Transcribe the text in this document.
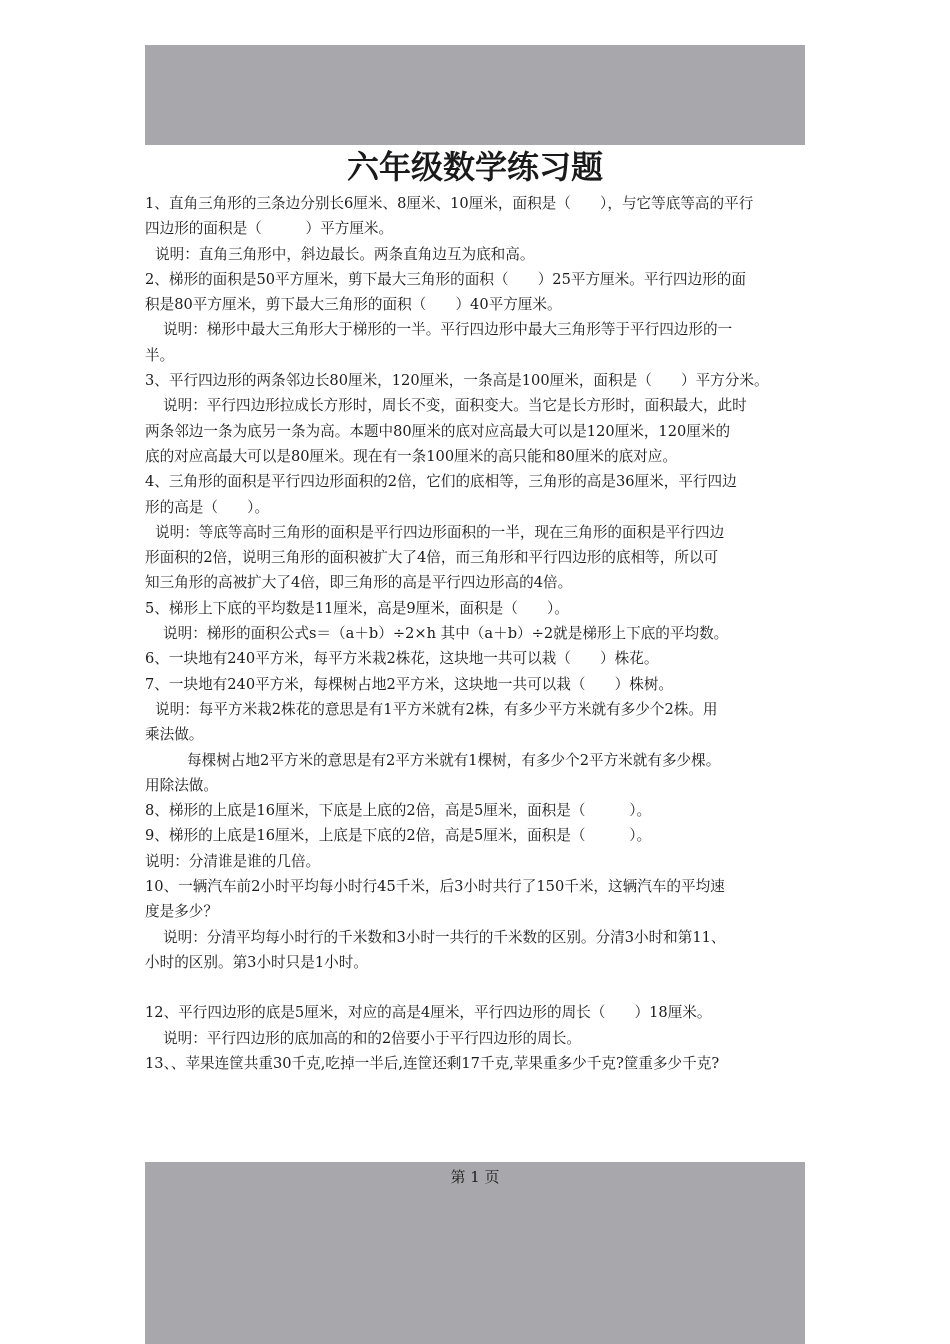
六年级数学练习题

1、直角三角形的三条边分别长6厘米、8厘米、10厘米，面积是（　　），与它等底等高的平行

四边形的面积是（　　　）平方厘米。

说明：直角三角形中，斜边最长。两条直角边互为底和高。

2、梯形的面积是50平方厘米，剪下最大三角形的面积（　　）25平方厘米。平行四边形的面

积是80平方厘米，剪下最大三角形的面积（　　）40平方厘米。

说明：梯形中最大三角形大于梯形的一半。平行四边形中最大三角形等于平行四边形的一

半。

3、平行四边形的两条邻边长80厘米，120厘米，一条高是100厘米，面积是（　　）平方分米。

说明：平行四边形拉成长方形时，周长不变，面积变大。当它是长方形时，面积最大，此时

两条邻边一条为底另一条为高。本题中80厘米的底对应高最大可以是120厘米，120厘米的

底的对应高最大可以是80厘米。现在有一条100厘米的高只能和80厘米的底对应。

4、三角形的面积是平行四边形面积的2倍，它们的底相等，三角形的高是36厘米，平行四边

形的高是（　　）。

说明：等底等高时三角形的面积是平行四边形面积的一半，现在三角形的面积是平行四边

形面积的2倍，说明三角形的面积被扩大了4倍，而三角形和平行四边形的底相等，所以可

知三角形的高被扩大了4倍，即三角形的高是平行四边形高的4倍。

5、梯形上下底的平均数是11厘米，高是9厘米，面积是（　　）。

说明：梯形的面积公式s＝（a＋b）÷2×h 其中（a＋b）÷2就是梯形上下底的平均数。

6、一块地有240平方米，每平方米栽2株花，这块地一共可以栽（　　）株花。

7、一块地有240平方米，每棵树占地2平方米，这块地一共可以栽（　　）株树。

说明：每平方米栽2株花的意思是有1平方米就有2株，有多少平方米就有多少个2株。用

乘法做。

每棵树占地2平方米的意思是有2平方米就有1棵树，有多少个2平方米就有多少棵。

用除法做。

8、梯形的上底是16厘米，下底是上底的2倍，高是5厘米，面积是（　　　）。

9、梯形的上底是16厘米，上底是下底的2倍，高是5厘米，面积是（　　　）。

说明：分清谁是谁的几倍。

10、一辆汽车前2小时平均每小时行45千米，后3小时共行了150千米，这辆汽车的平均速

度是多少？

说明：分清平均每小时行的千米数和3小时一共行的千米数的区别。分清3小时和第11、

小时的区别。第3小时只是1小时。

12、平行四边形的底是5厘米，对应的高是4厘米，平行四边形的周长（　　）18厘米。

说明：平行四边形的底加高的和的2倍要小于平行四边形的周长。

13、、苹果连筐共重30千克,吃掉一半后,连筐还剩17千克,苹果重多少千克?筐重多少千克?

第 1 页
